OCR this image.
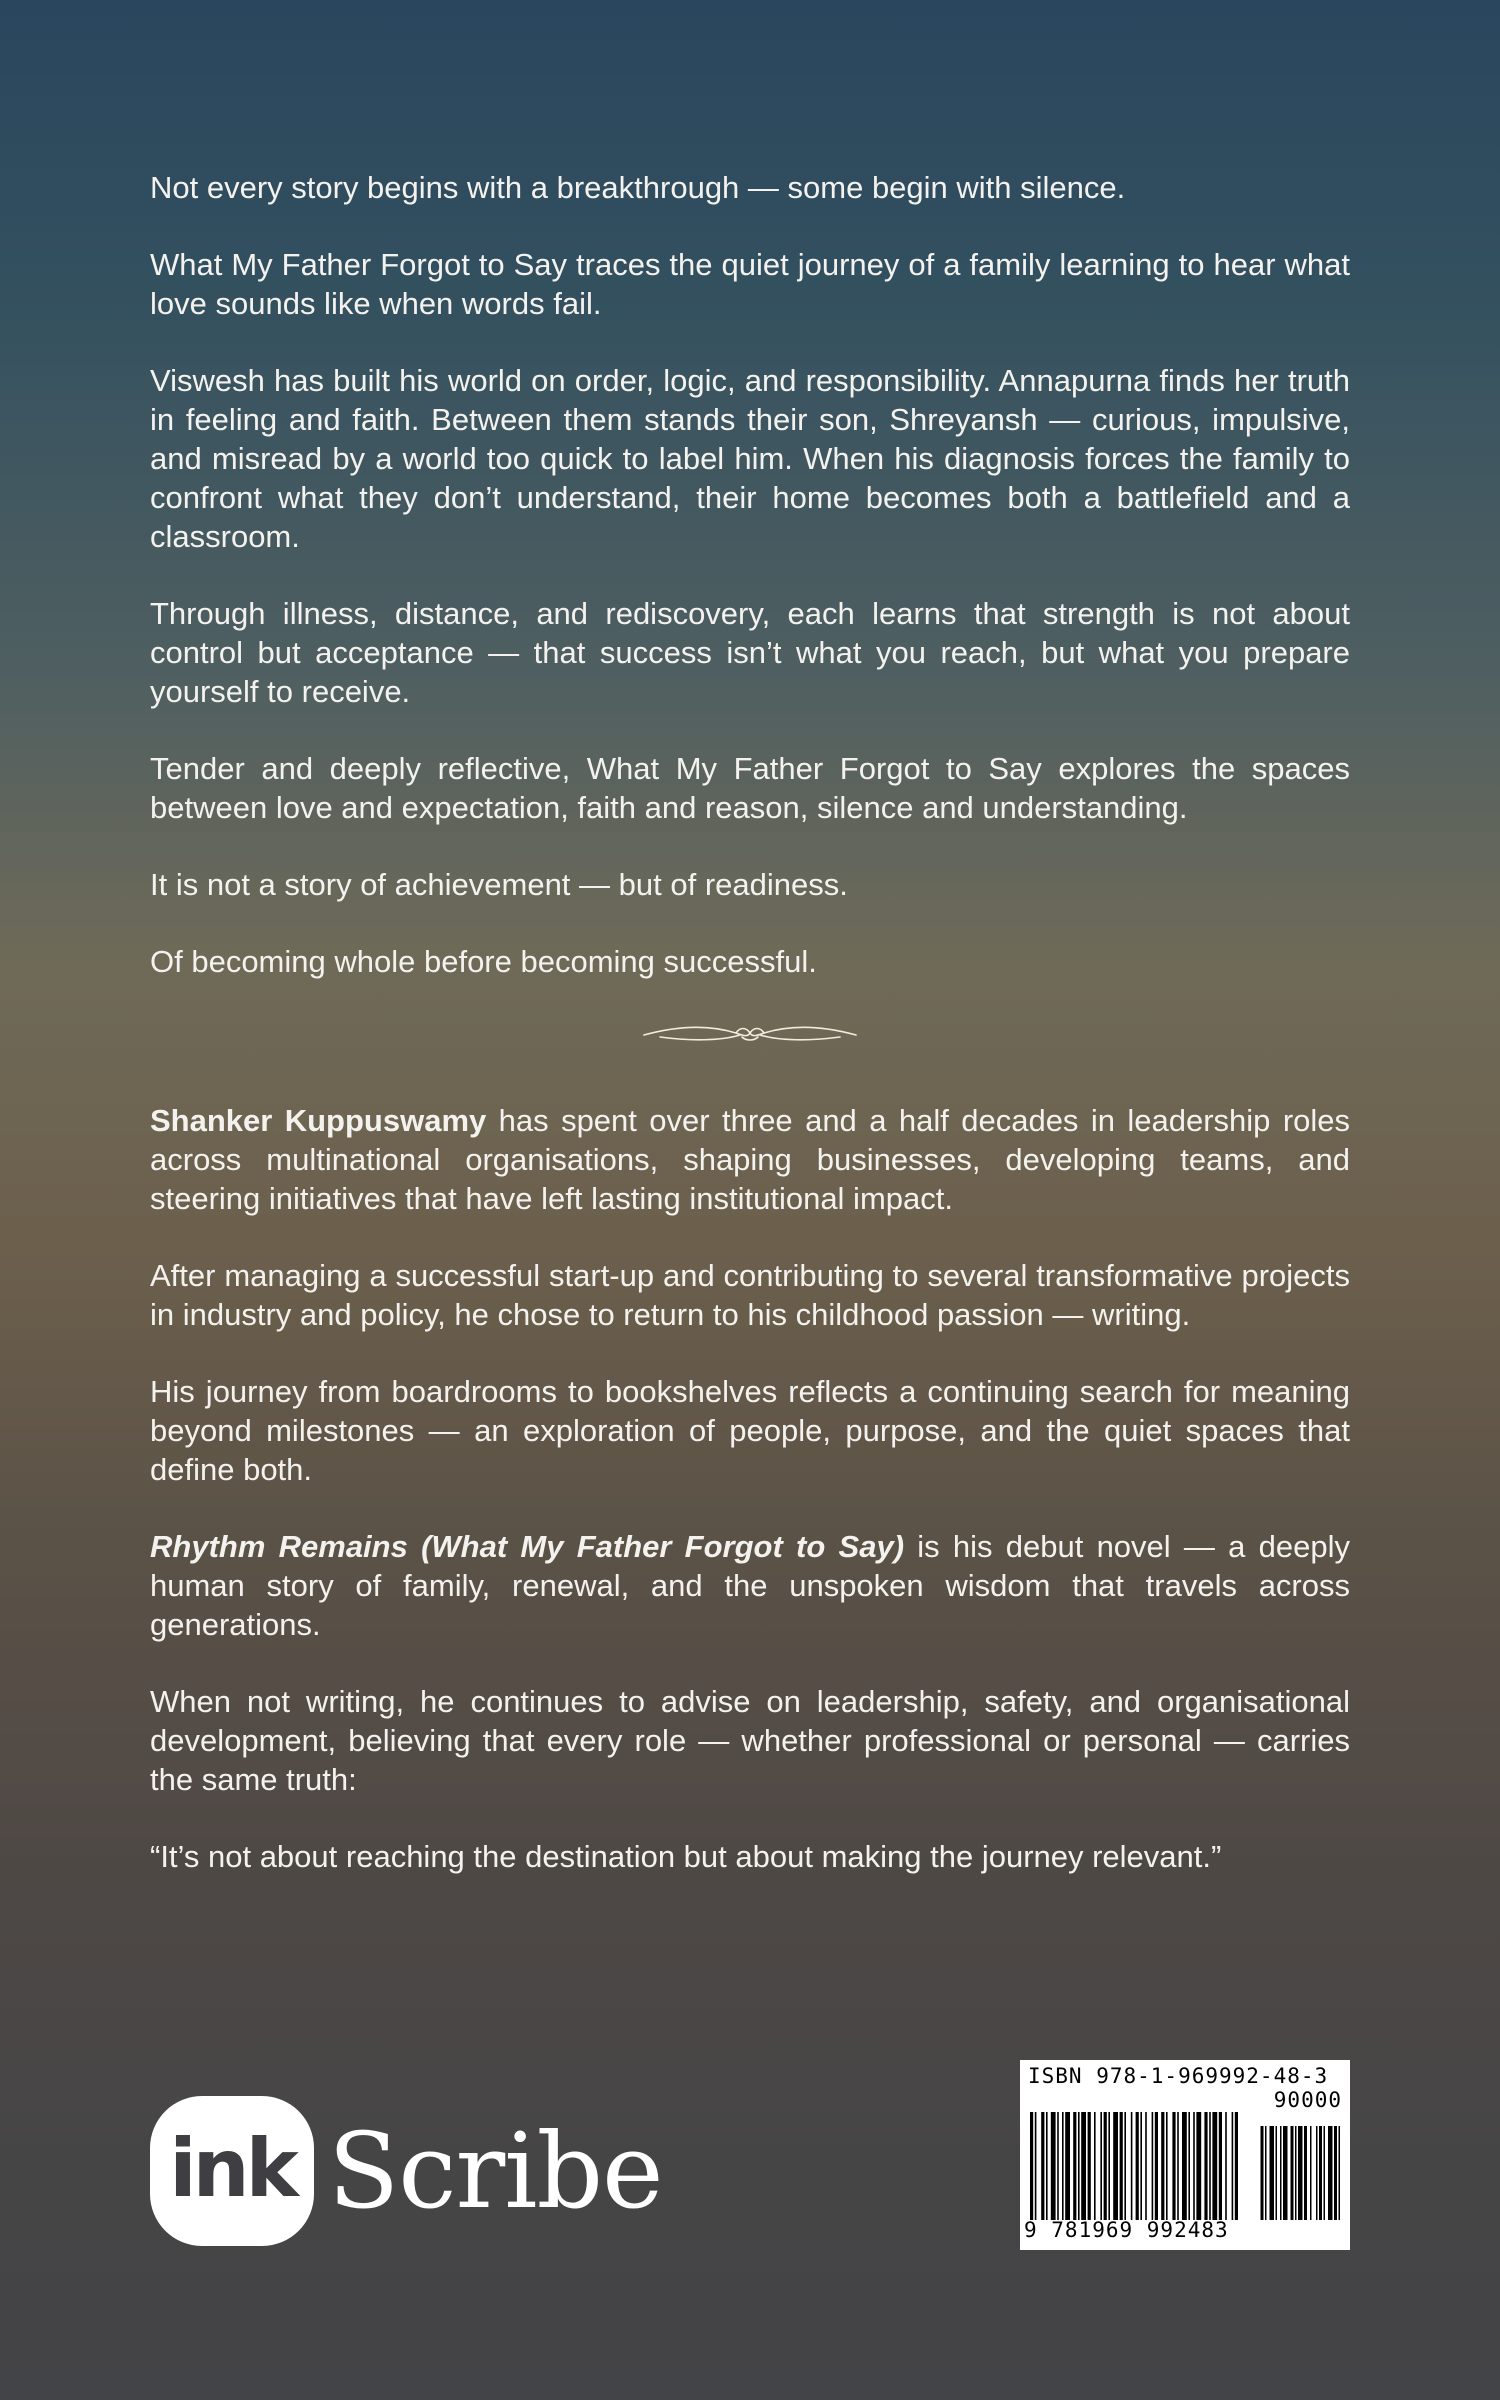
Not every story begins with a breakthrough — some begin with silence.

What My Father Forgot to Say traces the quiet journey of a family learning to hear what love sounds like when words fail.

Viswesh has built his world on order, logic, and responsibility. Annapurna finds her truth in feeling and faith. Between them stands their son, Shreyansh — curious, impulsive, and misread by a world too quick to label him. When his diagnosis forces the family to confront what they don’t understand, their home becomes both a battlefield and a classroom.

Through illness, distance, and rediscovery, each learns that strength is not about control but acceptance — that success isn’t what you reach, but what you prepare yourself to receive.

Tender and deeply reflective, What My Father Forgot to Say explores the spaces between love and expectation, faith and reason, silence and understanding.

It is not a story of achievement — but of readiness.

Of becoming whole before becoming successful.

Shanker Kuppuswamy has spent over three and a half decades in leadership roles across multinational organisations, shaping businesses, developing teams, and steering initiatives that have left lasting institutional impact.

After managing a successful start-up and contributing to several transformative projects in industry and policy, he chose to return to his childhood passion — writing.

His journey from boardrooms to bookshelves reflects a continuing search for meaning beyond milestones — an exploration of people, purpose, and the quiet spaces that define both.

Rhythm Remains (What My Father Forgot to Say) is his debut novel — a deeply human story of family, renewal, and the unspoken wisdom that travels across generations.

When not writing, he continues to advise on leadership, safety, and organisational development, believing that every role — whether professional or personal — carries the same truth:

“It’s not about reaching the destination but about making the journey relevant.”

ink Scribe
ISBN 978-1-969992-48-3
90000
9 781969 992483
